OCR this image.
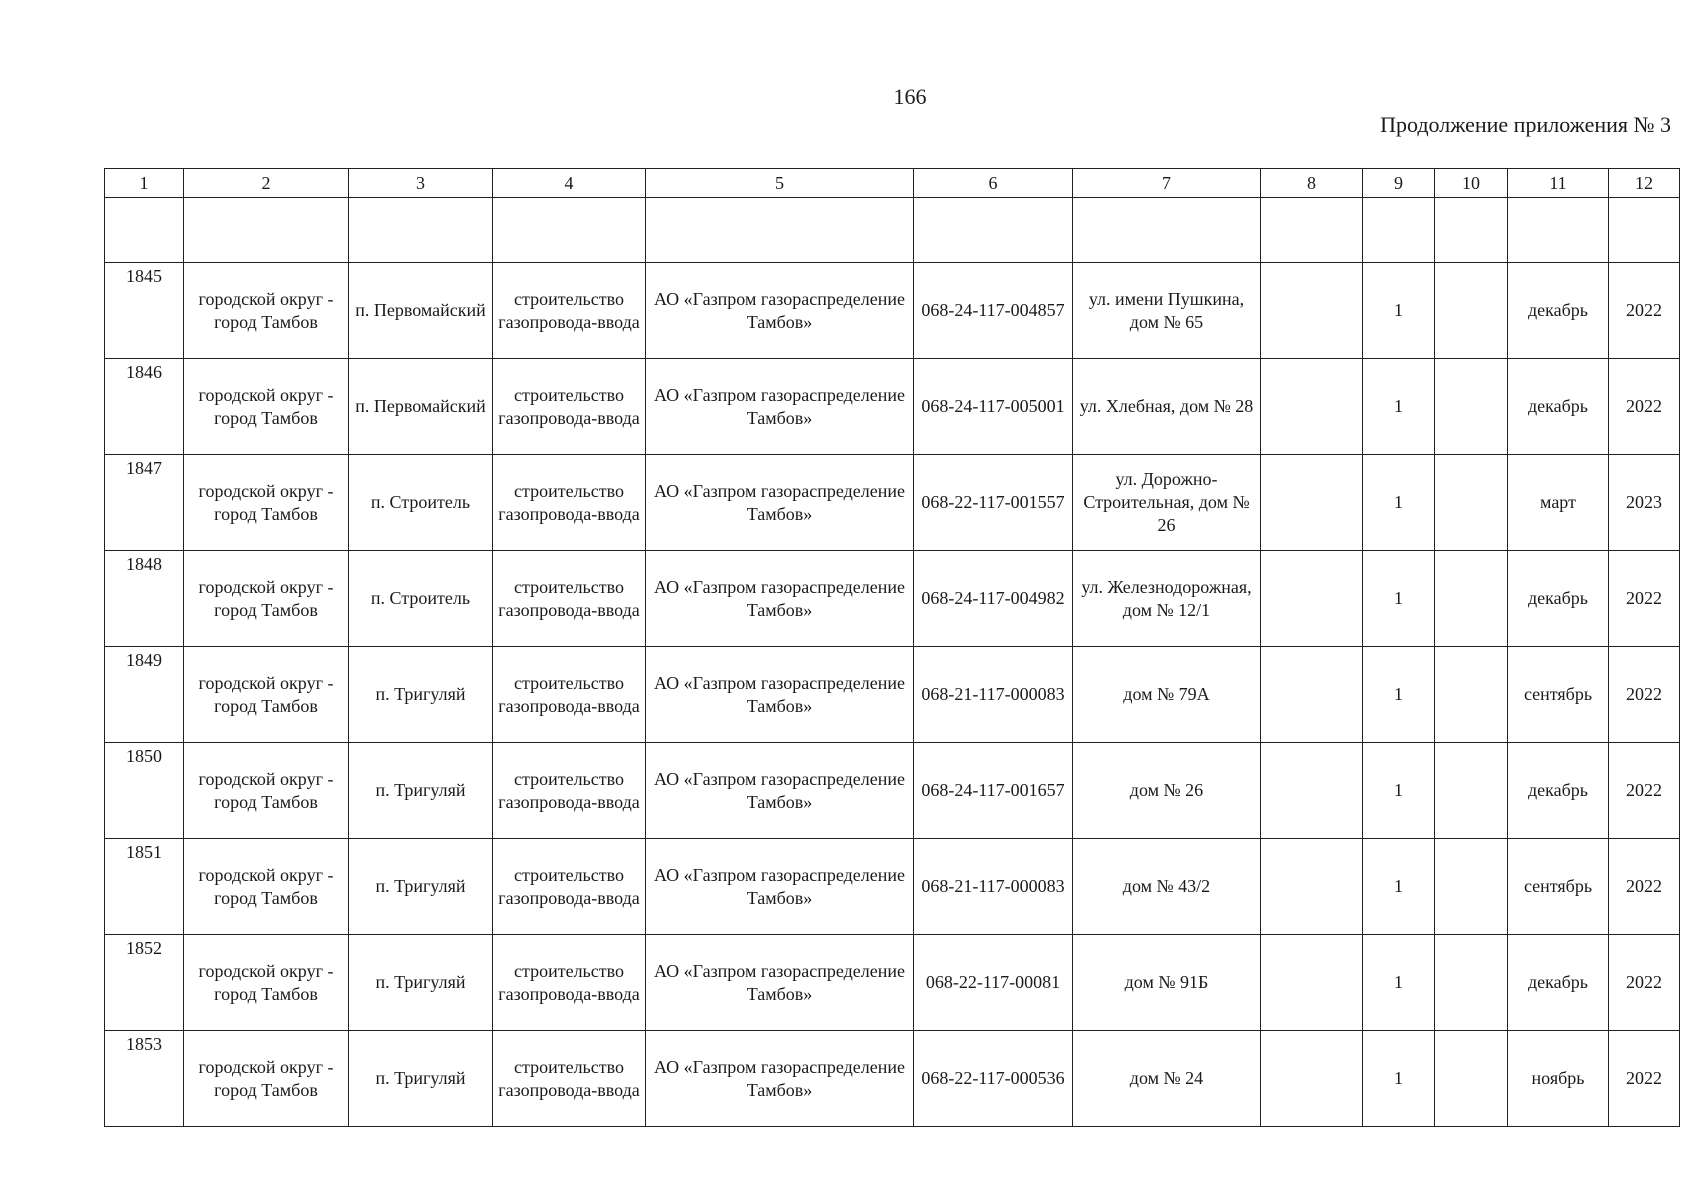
166
Продолжение приложения № 3
1	2	3	4	5	6	7	8	9	10	11	12

1845	городской округ - город Тамбов	п. Первомайский	строительство газопровода-ввода	АО «Газпром газораспределение Тамбов»	068-24-117-004857	ул. имени Пушкина, дом № 65		1		декабрь	2022
1846	городской округ - город Тамбов	п. Первомайский	строительство газопровода-ввода	АО «Газпром газораспределение Тамбов»	068-24-117-005001	ул. Хлебная, дом № 28		1		декабрь	2022
1847	городской округ - город Тамбов	п. Строитель	строительство газопровода-ввода	АО «Газпром газораспределение Тамбов»	068-22-117-001557	ул. Дорожно-Строительная, дом № 26		1		март	2023
1848	городской округ - город Тамбов	п. Строитель	строительство газопровода-ввода	АО «Газпром газораспределение Тамбов»	068-24-117-004982	ул. Железнодорожная, дом № 12/1		1		декабрь	2022
1849	городской округ - город Тамбов	п. Тригуляй	строительство газопровода-ввода	АО «Газпром газораспределение Тамбов»	068-21-117-000083	дом № 79А		1		сентябрь	2022
1850	городской округ - город Тамбов	п. Тригуляй	строительство газопровода-ввода	АО «Газпром газораспределение Тамбов»	068-24-117-001657	дом № 26		1		декабрь	2022
1851	городской округ - город Тамбов	п. Тригуляй	строительство газопровода-ввода	АО «Газпром газораспределение Тамбов»	068-21-117-000083	дом № 43/2		1		сентябрь	2022
1852	городской округ - город Тамбов	п. Тригуляй	строительство газопровода-ввода	АО «Газпром газораспределение Тамбов»	068-22-117-00081	дом № 91Б		1		декабрь	2022
1853	городской округ - город Тамбов	п. Тригуляй	строительство газопровода-ввода	АО «Газпром газораспределение Тамбов»	068-22-117-000536	дом № 24		1		ноябрь	2022
